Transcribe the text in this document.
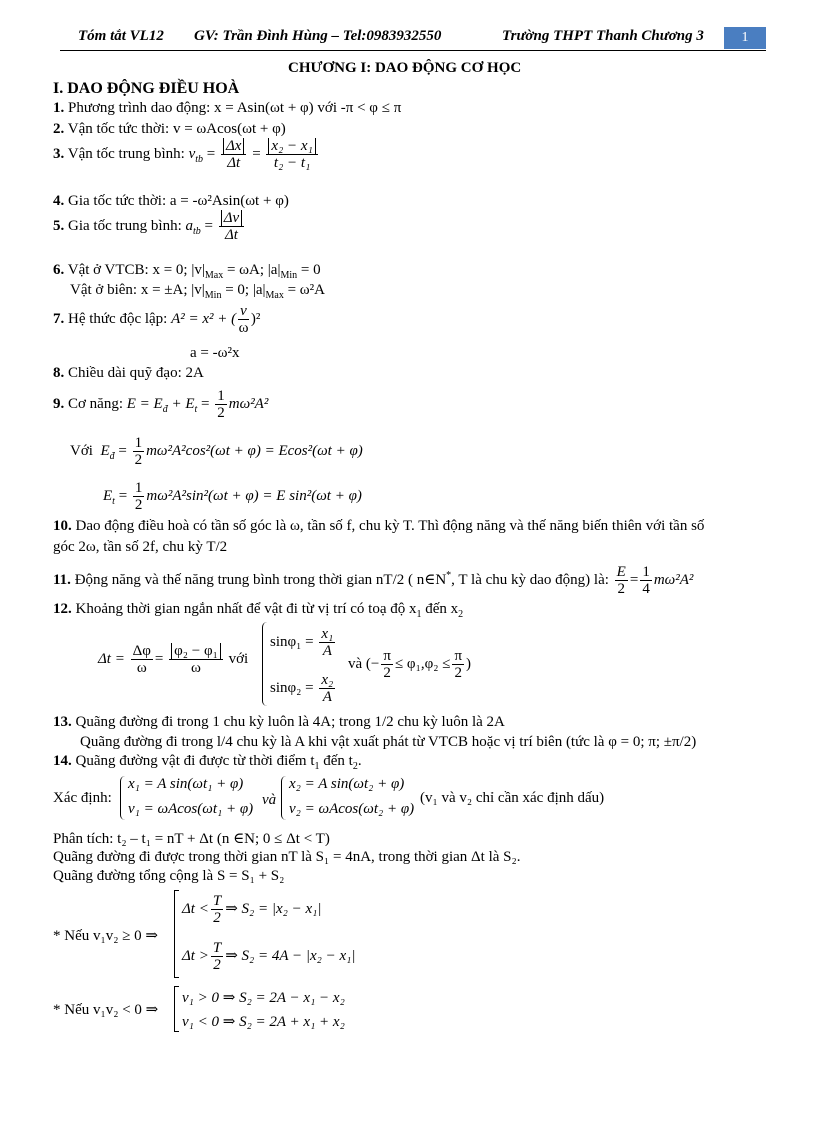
Tóm tắt VL12 GV: Trần Đình Hùng – Tel:0983932550	Trường THPT Thanh Chương 3	1
CHƯƠNG I: DAO ĐỘNG CƠ HỌC
I. DAO ĐỘNG ĐIỀU HOÀ
1. Phương trình dao động: x = Asin(ωt + φ) với -π < φ ≤ π
2. Vận tốc tức thời: v = ωAcos(ωt + φ)
3. Vận tốc trung bình: $v_{tb} = \frac{\Delta x}{\Delta t} = \frac{\text{x₂ − x₁}}{\text{t₂ − t₁}}$
4. Gia tốc tức thời: a = -ω²Asin(ωt + φ)
5. Gia tốc trung bình: $a_{tb} = \frac{\Delta v}{\Delta t}$
6. Vật ở VTCB: x = 0; $|v|_{Max} = \omega A$; $|a|_{Min} = 0$
Vật ở biên: x = ±A; $|v|_{Min} = 0$; $|a|_{Max} = \omega^2A$
7. Hệ thức độc lập: A² = x² + ( $\frac{v}{\omega} )^2$
a = -ω²x
8. Chiều dài quỹ đạo: 2A
9. Cơ năng: $E = E_đ + E_t = \frac{1}{2} m\omega^2A^2$
Với $E_đ = \frac{1}{2} m\omega^2A^2\cos^2(\omega t + \varphi) = Ecos^2(\omega t + \varphi)$
$E_t = \frac{1}{2} m\omega^2A^2\sin^2(\omega t + \varphi) = E$ sin²(ωt + φ)
10. Dao động điều hoà có tần số góc là ω, tần số f, chu kỳ T. Thì động năng và thế năng biến thiên với tần số
góc 2ω, tần số 2f, chu kỳ T/2
11. Động năng và thế năng trung bình trong thời gian nT/2 ( n∈N*, T là chu kỳ dao động) là: $\frac{E}{2} = \frac{1}{4} m\omega^2A^2$
12. Khoảng thời gian ngắn nhất để vật đi từ vị trí có toạ độ $x_1$ đến $x_2$
$\Delta t = \frac{\Delta\varphi}{\omega} = \frac{\text{φ₂ − φ₁}}{\omega}$ với
$\sin\varphi_1 = \frac{\text{x₁}}{A}$
$\sin\varphi_2 = \frac{\text{x₂}}{A}$
và (− $\frac{\pi}{2} \le \varphi_1,\varphi_2 \le \frac{\pi}{2}$ )
13. Quãng đường đi trong 1 chu kỳ luôn là 4A; trong 1/2 chu kỳ luôn là 2A
Quãng đường đi trong l/4 chu kỳ là A khi vật xuất phát từ VTCB hoặc vị trí biên (tức là φ = 0; π; ±π/2)
14. Quãng đường vật đi được từ thời điểm $t_1$ đến $t_2$.
Xác định:
x₁ = A sin(ωt₁ + φ)
v₁ = ωAcos(ωt₁ + φ)
và
x₂ = A sin(ωt₂ + φ)
v₂ = ωAcos(ωt₂ + φ)
(v₁ và v₂ chỉ cần xác định dấu)
Phân tích: t₂ – t₁ = nT + Δt (n ∈N; 0 ≤ Δt < T)
Quãng đường đi được trong thời gian nT là S₁ = 4nA, trong thời gian Δt là S₂.
Quãng đường tổng cộng là S = S₁ + S₂
* Nếu v₁v₂ ≥ 0 ⇒
$\Delta t < \frac{T}{2}$ ⇒ S₂ = |x₂ − x₁|
$\Delta t > \frac{T}{2}$ ⇒ S₂ = 4A − |x₂ − x₁|
* Nếu v₁v₂ < 0 ⇒
v₁ > 0 ⇒ S₂ = 2A − x₁ − x₂
v₁ < 0 ⇒ S₂ = 2A + x₁ + x₂
